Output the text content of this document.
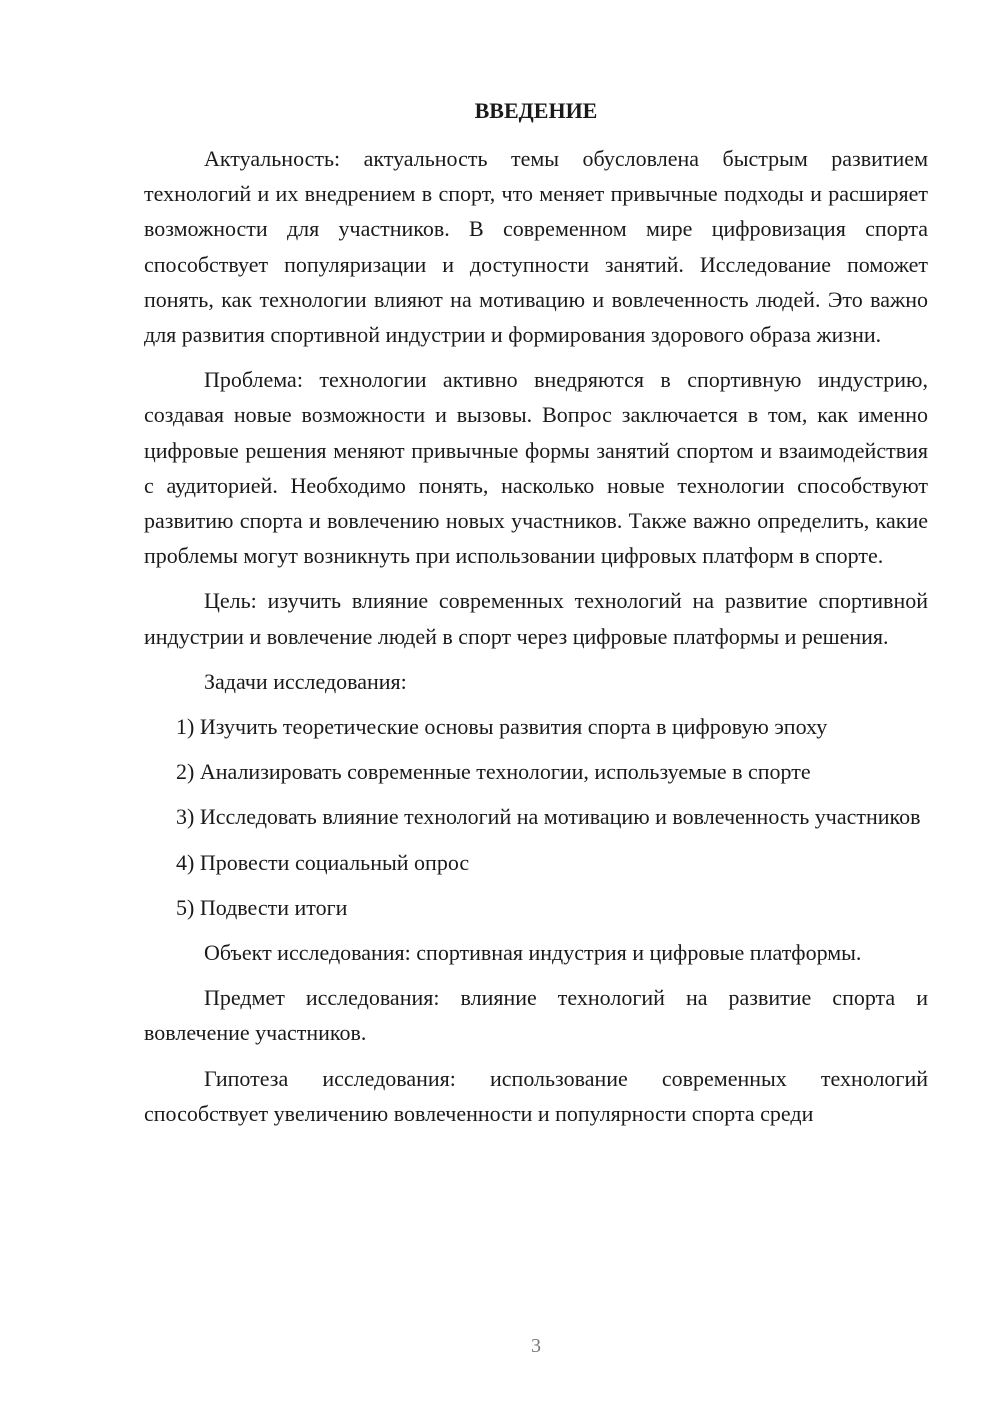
ВВЕДЕНИЕ

Актуальность: актуальность темы обусловлена быстрым развитием технологий и их внедрением в спорт, что меняет привычные подходы и расширяет возможности для участников. В современном мире цифровизация спорта способствует популяризации и доступности занятий. Исследование поможет понять, как технологии влияют на мотивацию и вовлеченность людей. Это важно для развития спортивной индустрии и формирования здорового образа жизни.

Проблема: технологии активно внедряются в спортивную индустрию, создавая новые возможности и вызовы. Вопрос заключается в том, как именно цифровые решения меняют привычные формы занятий спортом и взаимодействия с аудиторией. Необходимо понять, насколько новые технологии способствуют развитию спорта и вовлечению новых участников. Также важно определить, какие проблемы могут возникнуть при использовании цифровых платформ в спорте.

Цель: изучить влияние современных технологий на развитие спортивной индустрии и вовлечение людей в спорт через цифровые платформы и решения.

Задачи исследования:

1) Изучить теоретические основы развития спорта в цифровую эпоху

2) Анализировать современные технологии, используемые в спорте

3) Исследовать влияние технологий на мотивацию и вовлеченность участников

4) Провести социальный опрос

5) Подвести итоги

Объект исследования: спортивная индустрия и цифровые платформы.

Предмет исследования: влияние технологий на развитие спорта и вовлечение участников.

Гипотеза исследования: использование современных технологий способствует увеличению вовлеченности и популярности спорта среди

3
